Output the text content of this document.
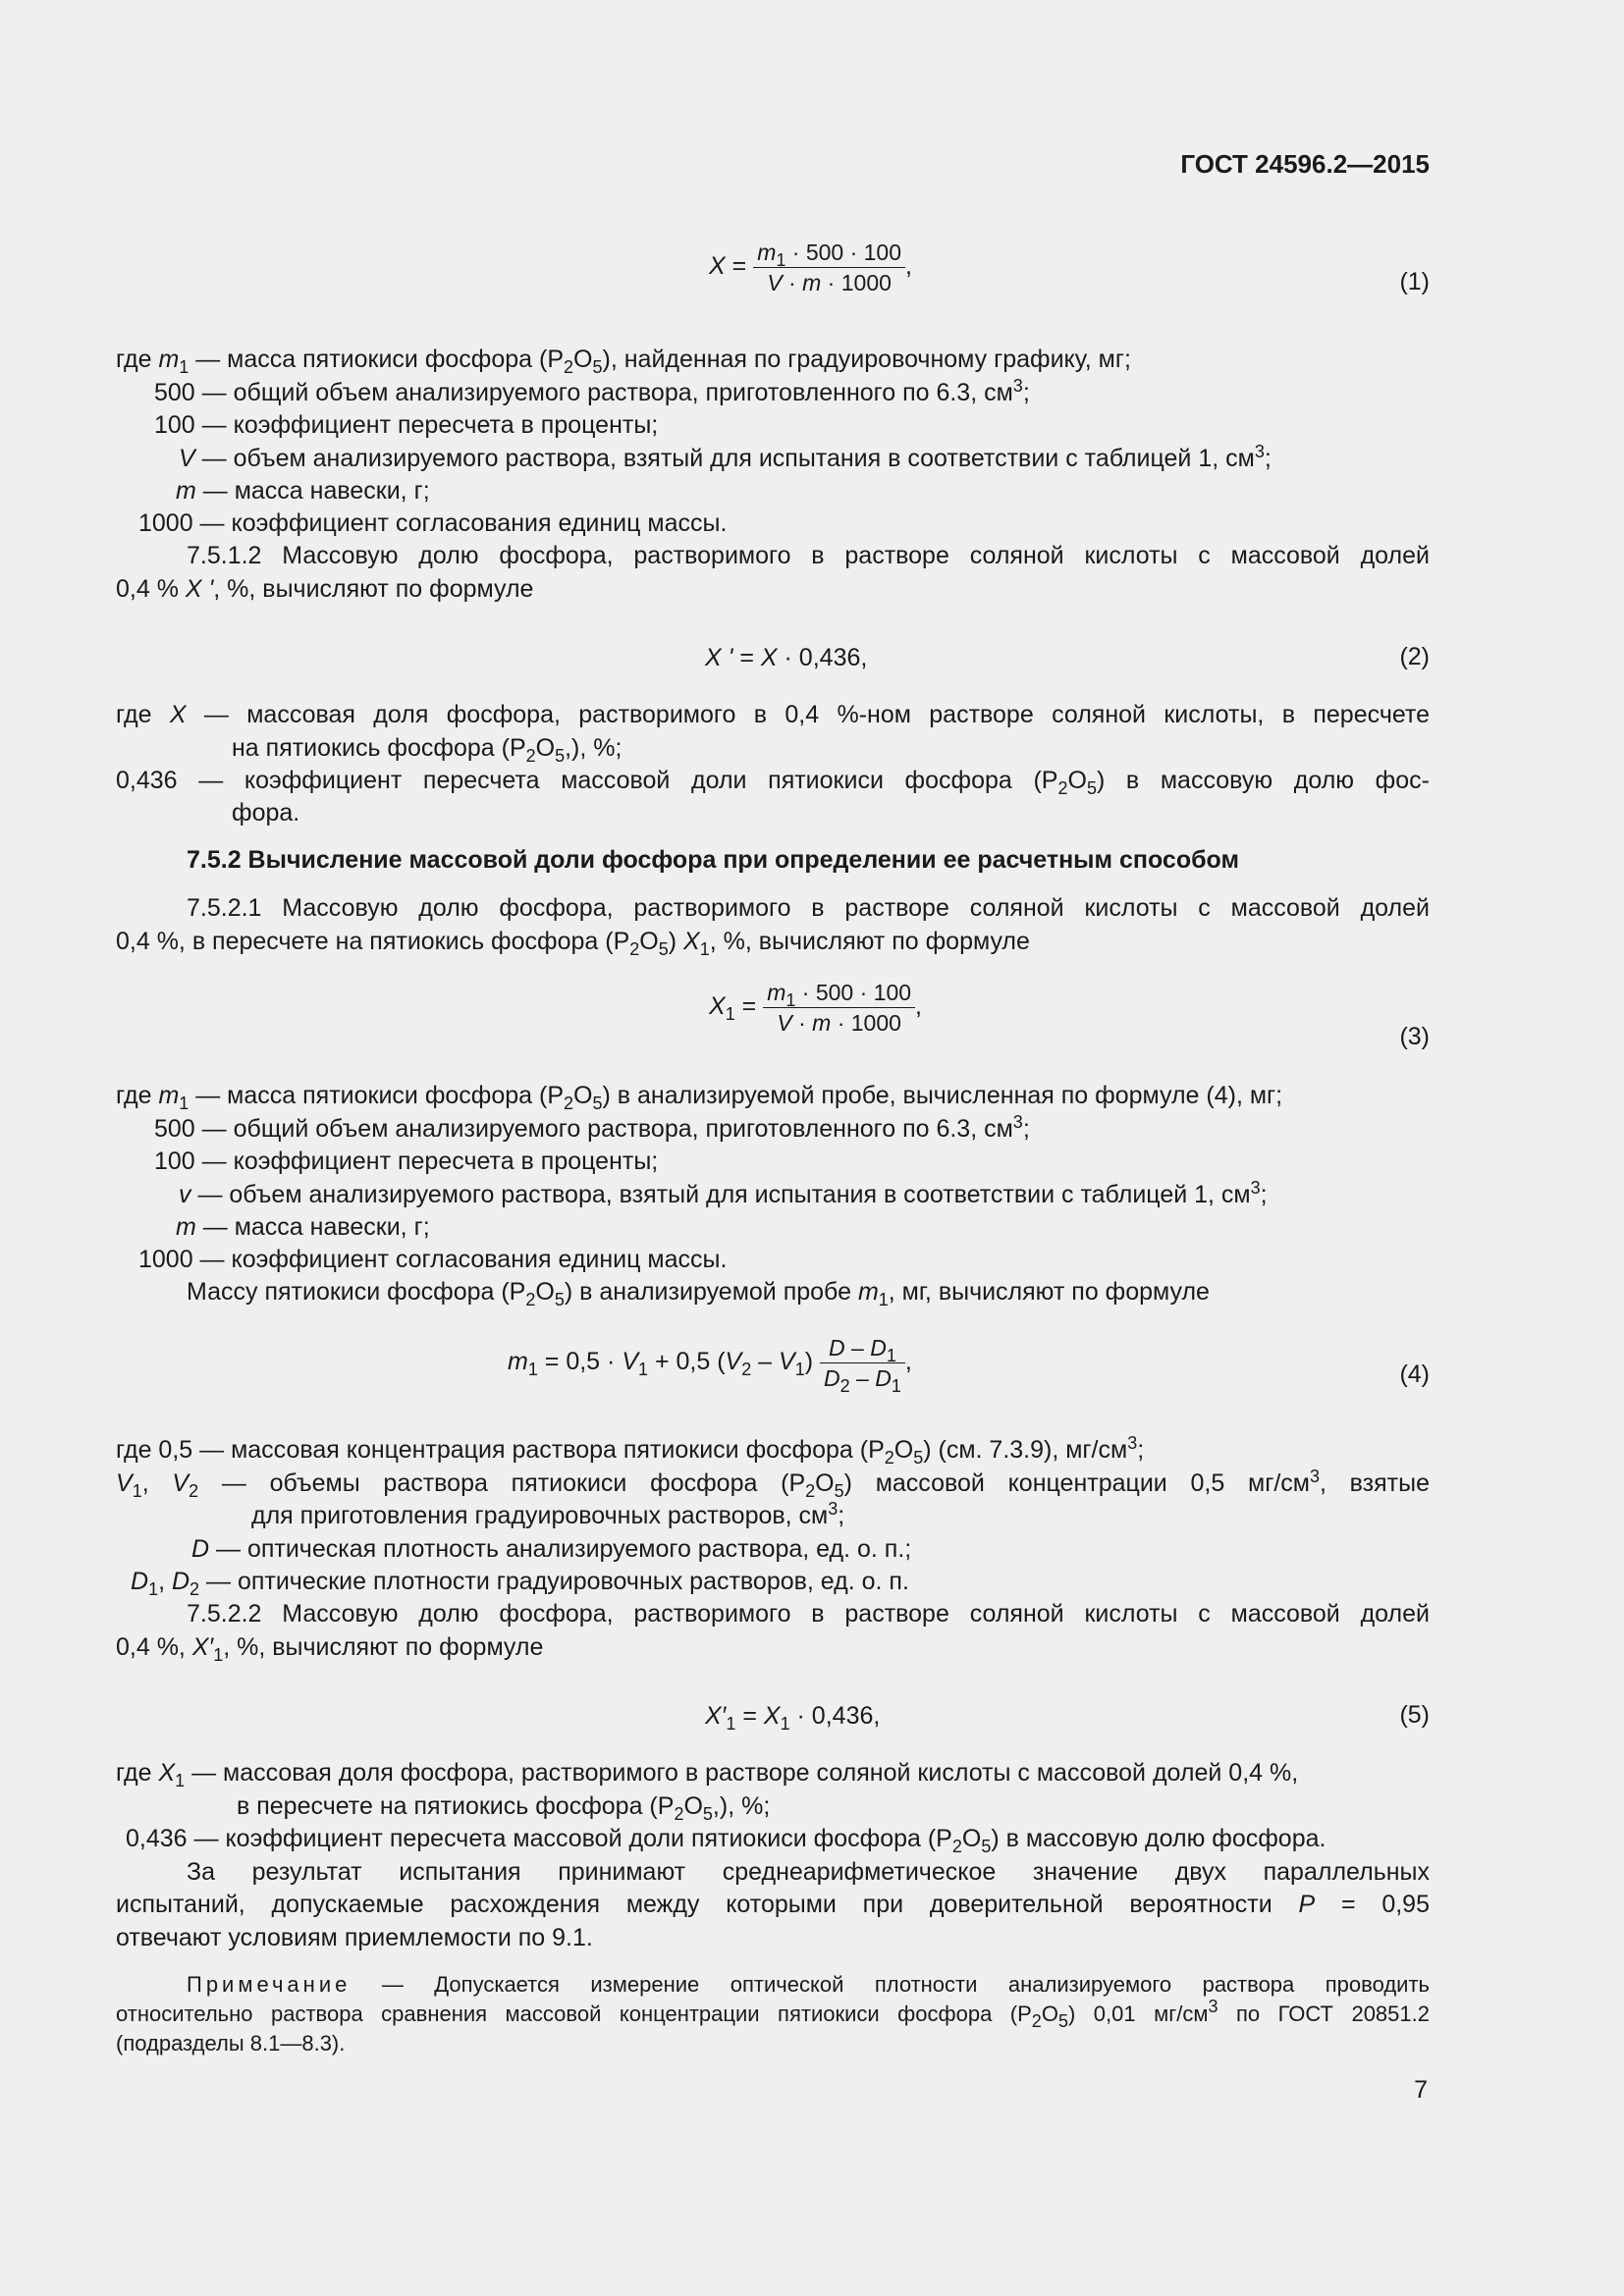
ГОСТ 24596.2—2015
$X = \frac{m_1 \cdot 500 \cdot 100}{V \cdot m \cdot 1000}$ ,
(1)
где $m_1$ — масса пятиокиси фосфора $(P_2O_5)$, найденная по градуировочному графику, мг;
500 — общий объем анализируемого раствора, приготовленного по 6.3, $см^3$;
100 — коэффициент пересчета в проценты;
V — объем анализируемого раствора, взятый для испытания в соответствии с таблицей 1, $см^3$;
m — масса навески, г;
1000 — коэффициент согласования единиц массы.
7.5.1.2 Массовую долю фосфора, растворимого в растворе соляной кислоты с массовой долей
0,4 % X ', %, вычисляют по формуле
X ' = X · 0,436,	(2)
где X — массовая доля фосфора, растворимого в 0,4 %-ном растворе соляной кислоты, в пересчете
на пятиокись фосфора $(P_2O_5,)$, %;
0,436 — коэффициент пересчета массовой доли пятиокиси фосфора $(P_2O_5)$ в массовую долю фос-
фора.
7.5.2 Вычисление массовой доли фосфора при определении ее расчетным способом
7.5.2.1 Массовую долю фосфора, растворимого в растворе соляной кислоты с массовой долей
0,4 %, в пересчете на пятиокись фосфора $(P_2O_5)$ $X_1$, %, вычисляют по формуле
$X_1 = \frac{m_1 \cdot 500 \cdot 100}{V \cdot m \cdot 1000}$ ,
(3)
где $m_1$ — масса пятиокиси фосфора $(P_2O_5)$ в анализируемой пробе, вычисленная по формуле (4), мг;
500 — общий объем анализируемого раствора, приготовленного по 6.3, $см^3$;
100 — коэффициент пересчета в проценты;
v — объем анализируемого раствора, взятый для испытания в соответствии с таблицей 1, $см^3$;
m — масса навески, г;
1000 — коэффициент согласования единиц массы.
Массу пятиокиси фосфора $(P_2O_5)$ в анализируемой пробе $m_1$, мг, вычисляют по формуле
$m_1 = 0,5 \cdot V_1 + 0,5$ $(V_2 - V_1) \frac{D - D_1}{D_2 - D_1}$ ,	(4)
где 0,5 — массовая концентрация раствора пятиокиси фосфора $(P_2O_5)$ (см. 7.3.9), $мг/см^3$;
$V_1$, $V_2$ — объемы раствора пятиокиси фосфора $(P_2O_5)$ массовой концентрации 0,5 $мг/см^3$, взятые
для приготовления градуировочных растворов, $см^3$;
D — оптическая плотность анализируемого раствора, ед. о. п.;
$D_1$, $D_2$ — оптические плотности градуировочных растворов, ед. о. п.
7.5.2.2 Массовую долю фосфора, растворимого в растворе соляной кислоты с массовой долей
0,4 %, $X'_1$, %, вычисляют по формуле
$X'_1 = X_1 \cdot 0,436$,	(5)
где $X_1$ — массовая доля фосфора, растворимого в растворе соляной кислоты с массовой долей 0,4 %,
в пересчете на пятиокись фосфора $(P_2O_5,)$, %;
0,436 — коэффициент пересчета массовой доли пятиокиси фосфора $(P_2O_5)$ в массовую долю фосфора.
За результат испытания принимают среднеарифметическое значение двух параллельных
испытаний, допускаемые расхождения между которыми при доверительной вероятности P = 0,95
отвечают условиям приемлемости по 9.1.
Примечание — Допускается измерение оптической плотности анализируемого раствора проводить
относительно раствора сравнения массовой концентрации пятиокиси фосфора $(P_2O_5)$ 0,01 $мг/см^3$ по ГОСТ 20851.2
(подразделы 8.1—8.3).
7
